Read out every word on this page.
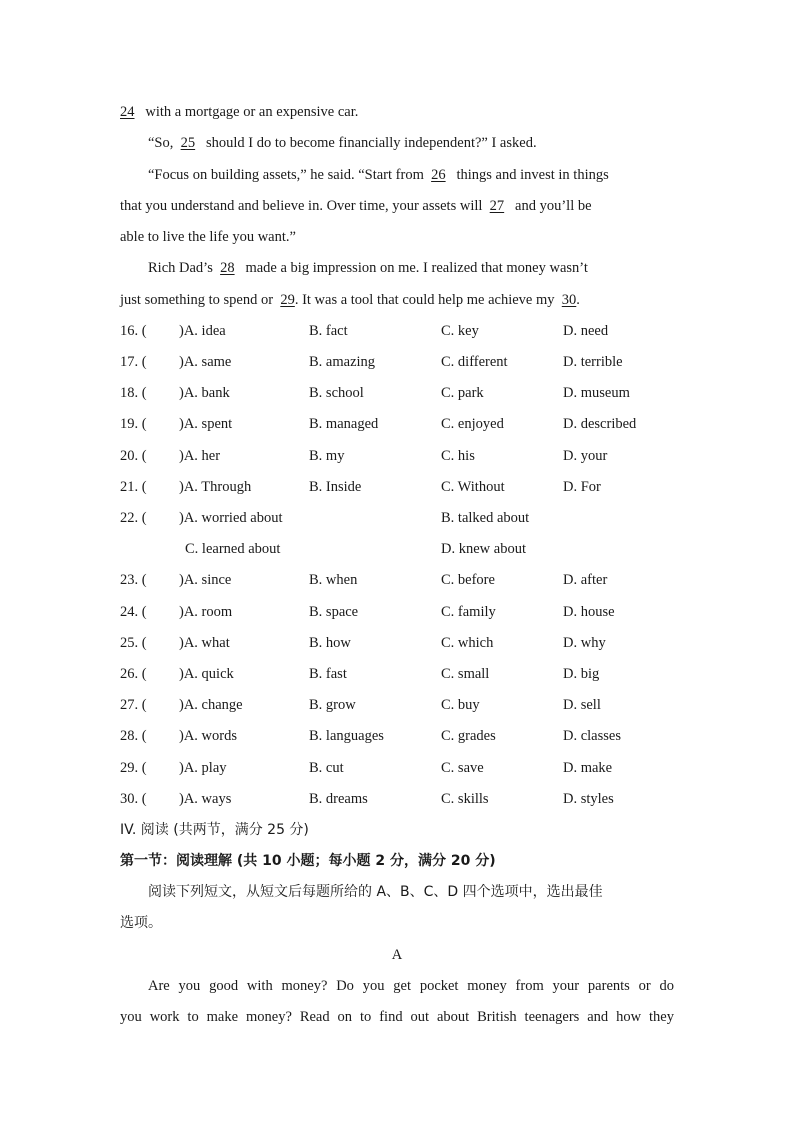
24 with a mortgage or an expensive car.
“So, 25 should I do to become financially independent?” I asked.
“Focus on building assets,” he said. “Start from 26 things and invest in things
that you understand and believe in. Over time, your assets will 27 and you’ll be
able to live the life you want.”
Rich Dad’s 28 made a big impression on me. I realized that money wasn’t
just something to spend or 29. It was a tool that could help me achieve my 30.
16. ( )A. idea	B. fact	C. key	D. need
17. ( )A. same	B. amazing	C. different	D. terrible
18. ( )A. bank	B. school	C. park	D. museum
19. ( )A. spent	B. managed	C. enjoyed	D. described
20. ( )A. her	B. my	C. his	D. your
21. ( )A. Through	B. Inside	C. Without	D. For
22. ( )A. worried about	B. talked about
C. learned about	D. knew about
23. ( )A. since	B. when	C. before	D. after
24. ( )A. room	B. space	C. family	D. house
25. ( )A. what	B. how	C. which	D. why
26. ( )A. quick	B. fast	C. small	D. big
27. ( )A. change	B. grow	C. buy	D. sell
28. ( )A. words	B. languages	C. grades	D. classes
29. ( )A. play	B. cut	C. save	D. make
30. ( )A. ways	B. dreams	C. skills	D. styles
IV. 阅读 (共两节，满分 25 分)
第一节：阅读理解 (共 10 小题；每小题 2 分，满分 20 分)
阅读下列短文，从短文后每题所给的 A、B、C、D 四个选项中，选出最佳
选项。
A
Are you good with money? Do you get pocket money from your parents or do
you work to make money? Read on to find out about British teenagers and how they
